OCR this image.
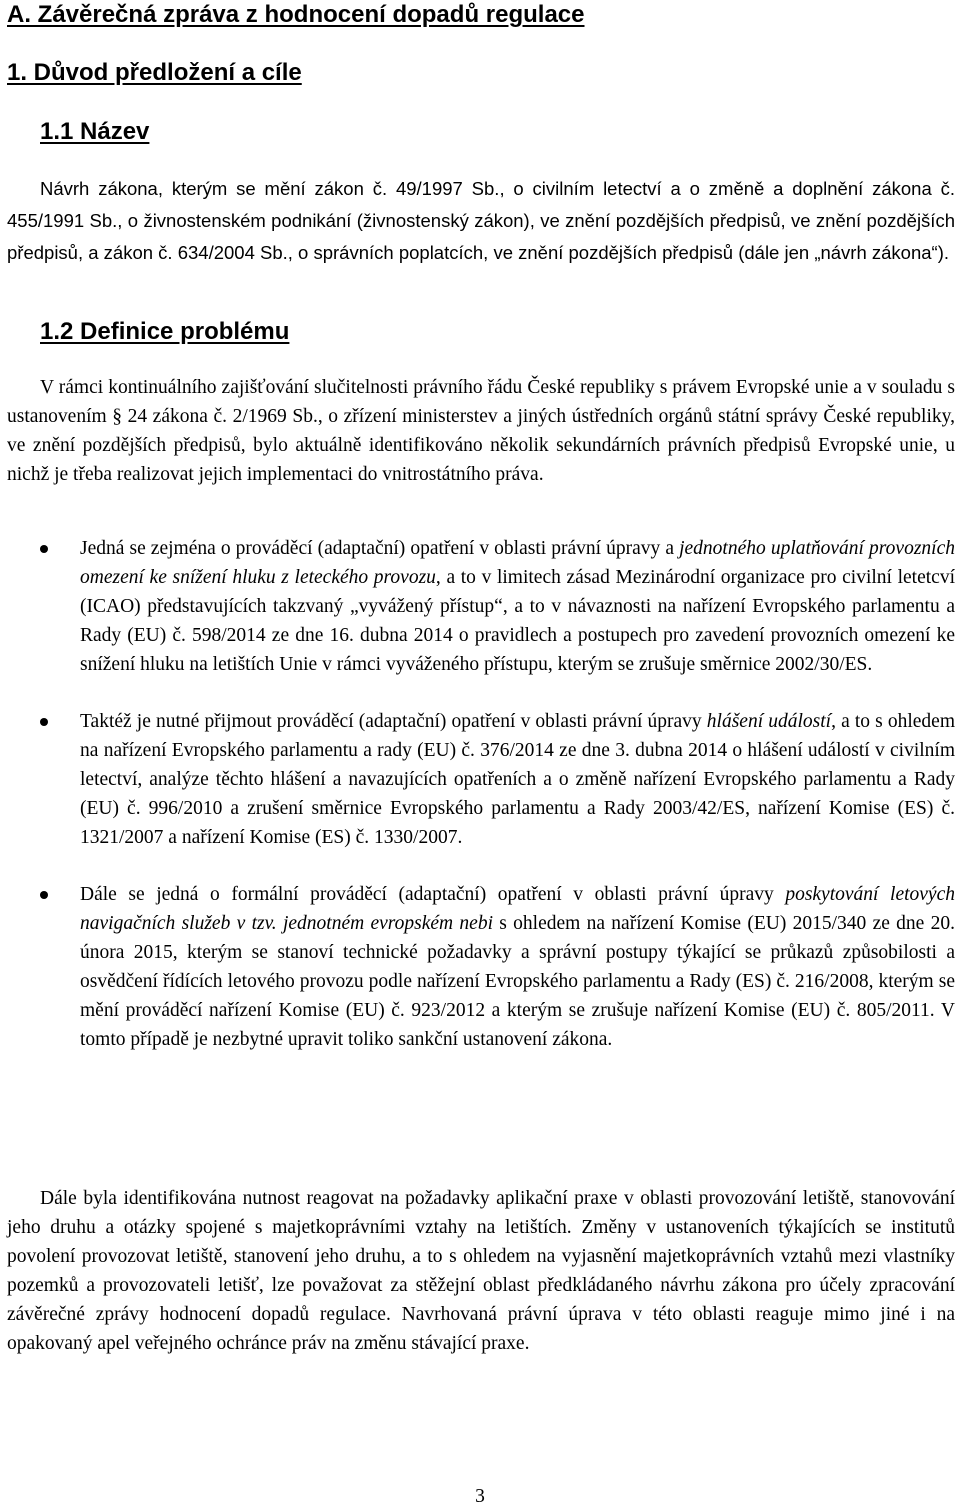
A. Závěrečná zpráva z hodnocení dopadů regulace
1. Důvod předložení a cíle
1.1 Název

Návrh zákona, kterým se mění zákon č. 49/1997 Sb., o civilním letectví a o změně a doplnění zákona č. 455/1991 Sb., o živnostenském podnikání (živnostenský zákon), ve znění pozdějších předpisů, ve znění pozdějších předpisů, a zákon č. 634/2004 Sb., o správních poplatcích, ve znění pozdějších předpisů (dále jen „návrh zákona“).

1.2 Definice problému

V rámci kontinuálního zajišťování slučitelnosti právního řádu České republiky s právem Evropské unie a v souladu s ustanovením § 24 zákona č. 2/1969 Sb., o zřízení ministerstev a jiných ústředních orgánů státní správy České republiky, ve znění pozdějších předpisů, bylo aktuálně identifikováno několik sekundárních právních předpisů Evropské unie, u nichž je třeba realizovat jejich implementaci do vnitrostátního práva.

Jedná se zejména o prováděcí (adaptační) opatření v oblasti právní úpravy a jednotného uplatňování provozních omezení ke snížení hluku z leteckého provozu, a to v limitech zásad Mezinárodní organizace pro civilní letetcví (ICAO) představujících takzvaný „vyvážený přístup“, a to v návaznosti na nařízení Evropského parlamentu a Rady (EU) č. 598/2014 ze dne 16. dubna 2014 o pravidlech a postupech pro zavedení provozních omezení ke snížení hluku na letištích Unie v rámci vyváženého přístupu, kterým se zrušuje směrnice 2002/30/ES.
Taktéž je nutné přijmout prováděcí (adaptační) opatření v oblasti právní úpravy hlášení událostí, a to s ohledem na nařízení Evropského parlamentu a rady (EU) č. 376/2014 ze dne 3. dubna 2014 o hlášení událostí v civilním letectví, analýze těchto hlášení a navazujících opatřeních a o změně nařízení Evropského parlamentu a Rady (EU) č. 996/2010 a zrušení směrnice Evropského parlamentu a Rady 2003/42/ES, nařízení Komise (ES) č. 1321/2007 a nařízení Komise (ES) č. 1330/2007.
Dále se jedná o formální prováděcí (adaptační) opatření v oblasti právní úpravy poskytování letových navigačních služeb v tzv. jednotném evropském nebi s ohledem na nařízení Komise (EU) 2015/340 ze dne 20. února 2015, kterým se stanoví technické požadavky a správní postupy týkající se průkazů způsobilosti a osvědčení řídících letového provozu podle nařízení Evropského parlamentu a Rady (ES) č. 216/2008, kterým se mění prováděcí nařízení Komise (EU) č. 923/2012 a kterým se zrušuje nařízení Komise (EU) č. 805/2011. V tomto případě je nezbytné upravit toliko sankční ustanovení zákona.

Dále byla identifikována nutnost reagovat na požadavky aplikační praxe v oblasti provozování letiště, stanovování jeho druhu a otázky spojené s majetkoprávními vztahy na letištích. Změny v ustanoveních týkajících se institutů povolení provozovat letiště, stanovení jeho druhu, a to s ohledem na vyjasnění majetkoprávních vztahů mezi vlastníky pozemků a provozovateli letišť, lze považovat za stěžejní oblast předkládaného návrhu zákona pro účely zpracování závěrečné zprávy hodnocení dopadů regulace. Navrhovaná právní úprava v této oblasti reaguje mimo jiné i na opakovaný apel veřejného ochránce práv na změnu stávající praxe.

3
